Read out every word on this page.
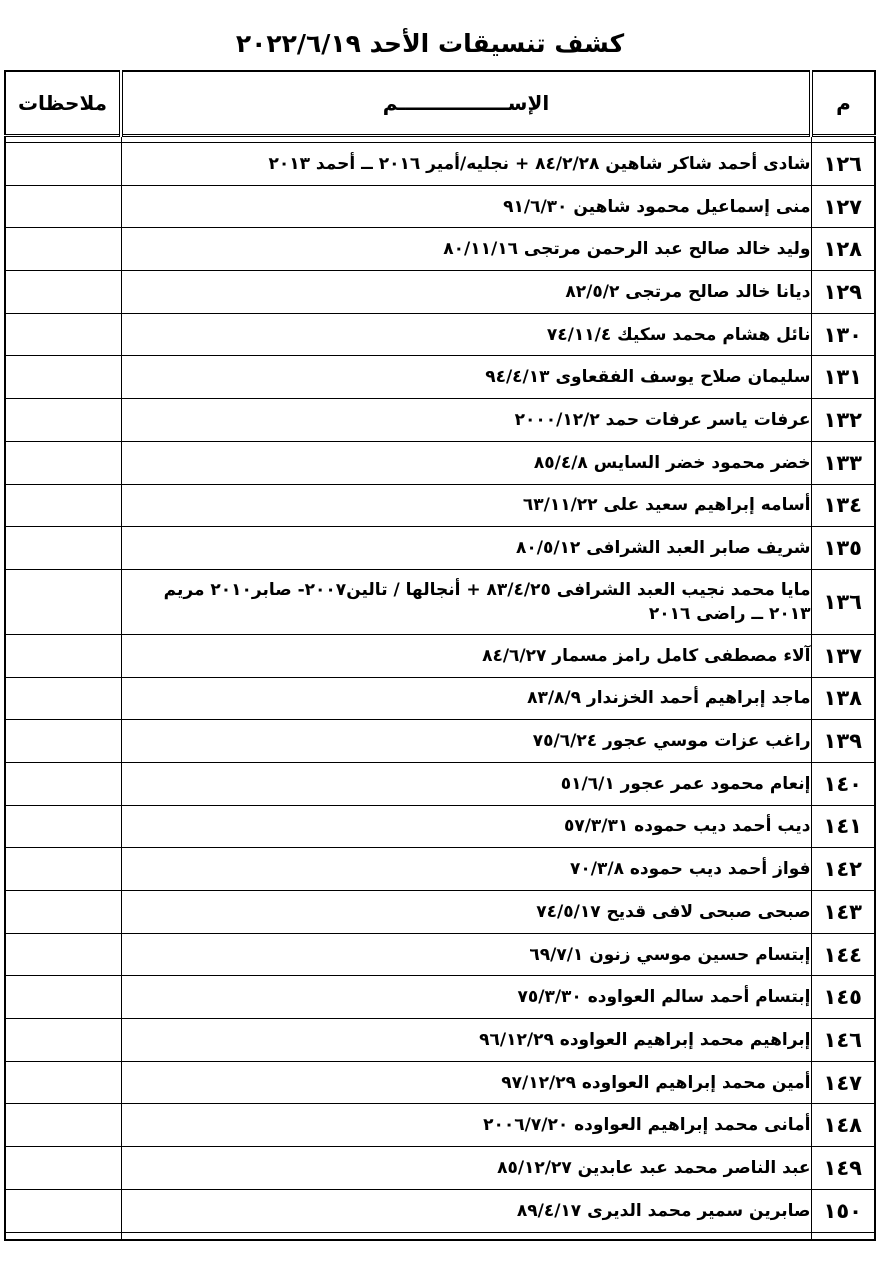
كشف تنسيقات الأحد ٢٠٢٢/٦/١٩
م	الإســــــــــــــــم	ملاحظات

١٢٦	شادى أحمد شاكر شاهين ٨٤/٢/٢٨ + نجليه/أمير ٢٠١٦ ــ أحمد ٢٠١٣	
١٢٧	منى إسماعيل محمود شاهين ٩١/٦/٣٠	
١٢٨	وليد خالد صالح عبد الرحمن مرتجى ٨٠/١١/١٦	
١٢٩	ديانا خالد صالح مرتجى ٨٢/٥/٢	
١٣٠	نائل هشام محمد سكيك ٧٤/١١/٤	
١٣١	سليمان صلاح يوسف الفقعاوى ٩٤/٤/١٣	
١٣٢	عرفات ياسر عرفات حمد ٢٠٠٠/١٢/٢	
١٣٣	خضر محمود خضر السايس ٨٥/٤/٨	
١٣٤	أسامه إبراهيم سعيد على ٦٣/١١/٢٢	
١٣٥	شريف صابر العبد الشرافى ٨٠/٥/١٢	
١٣٦	مايا محمد نجيب العبد الشرافى ٨٣/٤/٢٥ + أنجالها / تالين٢٠٠٧- صابر٢٠١٠ مريم ٢٠١٣ ــ راضى ٢٠١٦	
١٣٧	آلاء مصطفى كامل رامز مسمار ٨٤/٦/٢٧	
١٣٨	ماجد إبراهيم أحمد الخزندار ٨٣/٨/٩	
١٣٩	راغب عزات موسي عجور ٧٥/٦/٢٤	
١٤٠	إنعام محمود عمر عجور ٥١/٦/١	
١٤١	ديب أحمد ديب حموده ٥٧/٣/٣١	
١٤٢	فواز أحمد ديب حموده ٧٠/٣/٨	
١٤٣	صبحى صبحى لافى قديح ٧٤/٥/١٧	
١٤٤	إبتسام حسين موسي زنون ٦٩/٧/١	
١٤٥	إبتسام أحمد سالم العواوده ٧٥/٣/٣٠	
١٤٦	إبراهيم محمد إبراهيم العواوده ٩٦/١٢/٢٩	
١٤٧	أمين محمد إبراهيم العواوده ٩٧/١٢/٢٩	
١٤٨	أمانى محمد إبراهيم العواوده ٢٠٠٦/٧/٢٠	
١٤٩	عبد الناصر محمد عبد عابدين ٨٥/١٢/٢٧	
١٥٠	صابرين سمير محمد الديرى ٨٩/٤/١٧	
